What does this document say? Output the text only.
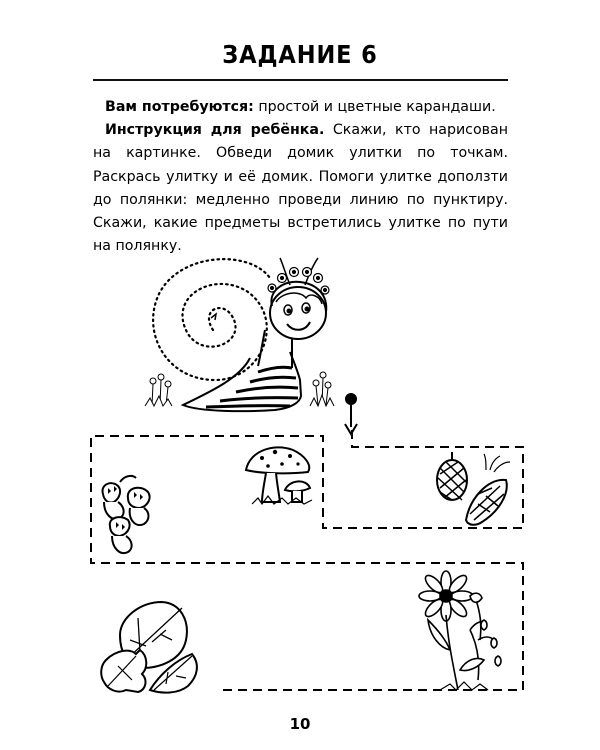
ЗАДАНИЕ 6

Вам потребуются: простой и цветные карандаши.

Инструкция для ребёнка. Скажи, кто нарисован на картинке. Обведи домик улитки по точкам. Раскрась улитку и её домик. Помоги улитке доползти до полянки: медленно проведи линию по пунктиру. Скажи, какие предметы встретились улитке по пути на полянку.

10
